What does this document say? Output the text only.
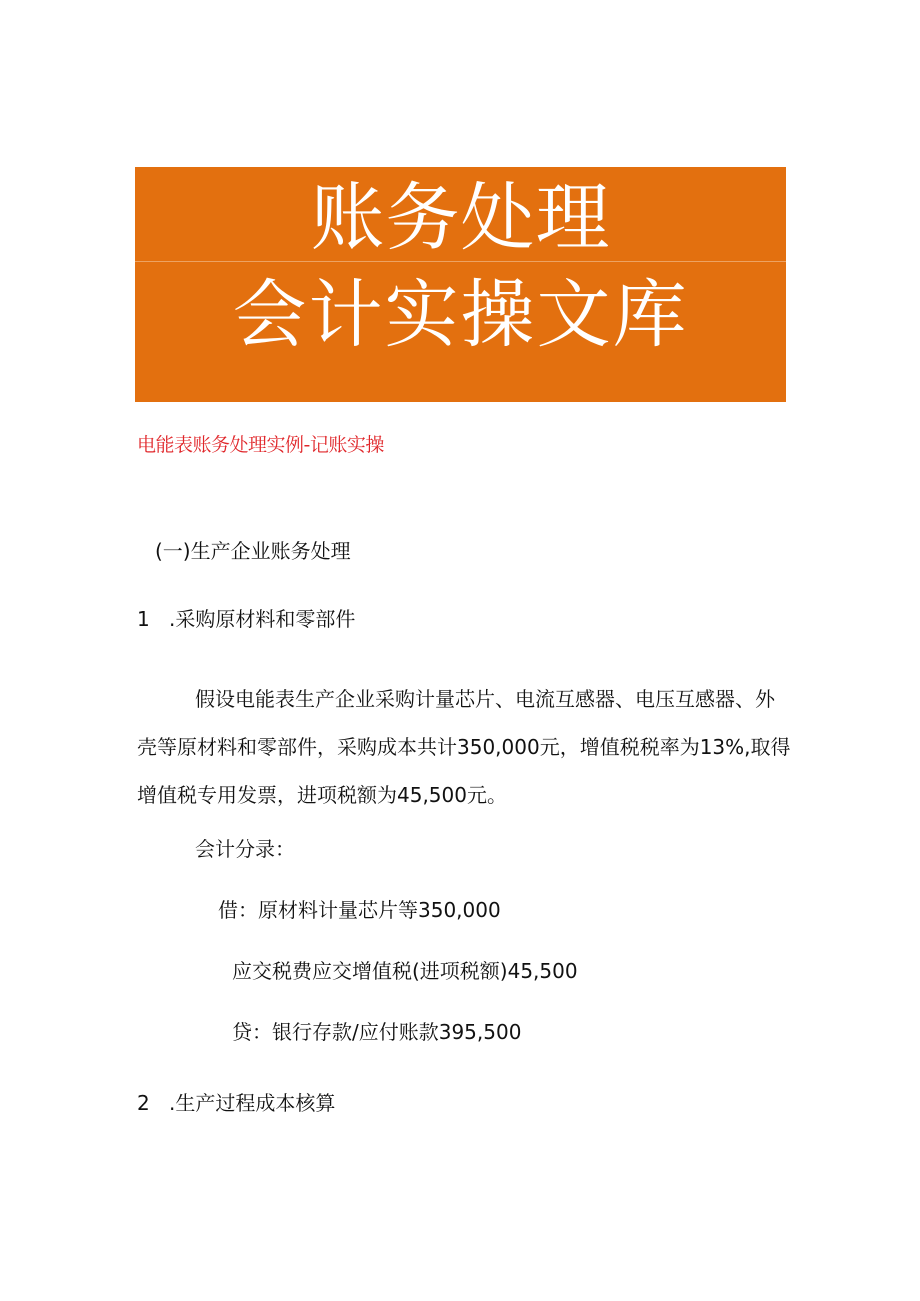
账务处理
会计实操文库
电能表账务处理实例-记账实操
(一)生产企业账务处理
1 .采购原材料和零部件
假设电能表生产企业采购计量芯片、电流互感器、电压互感器、外
壳等原材料和零部件，采购成本共计350,000元，增值税税率为13%,取得
增值税专用发票，进项税额为45,500元。
会计分录：
借：原材料计量芯片等350,000
应交税费应交增值税(进项税额)45,500
贷：银行存款/应付账款395,500
2 .生产过程成本核算
